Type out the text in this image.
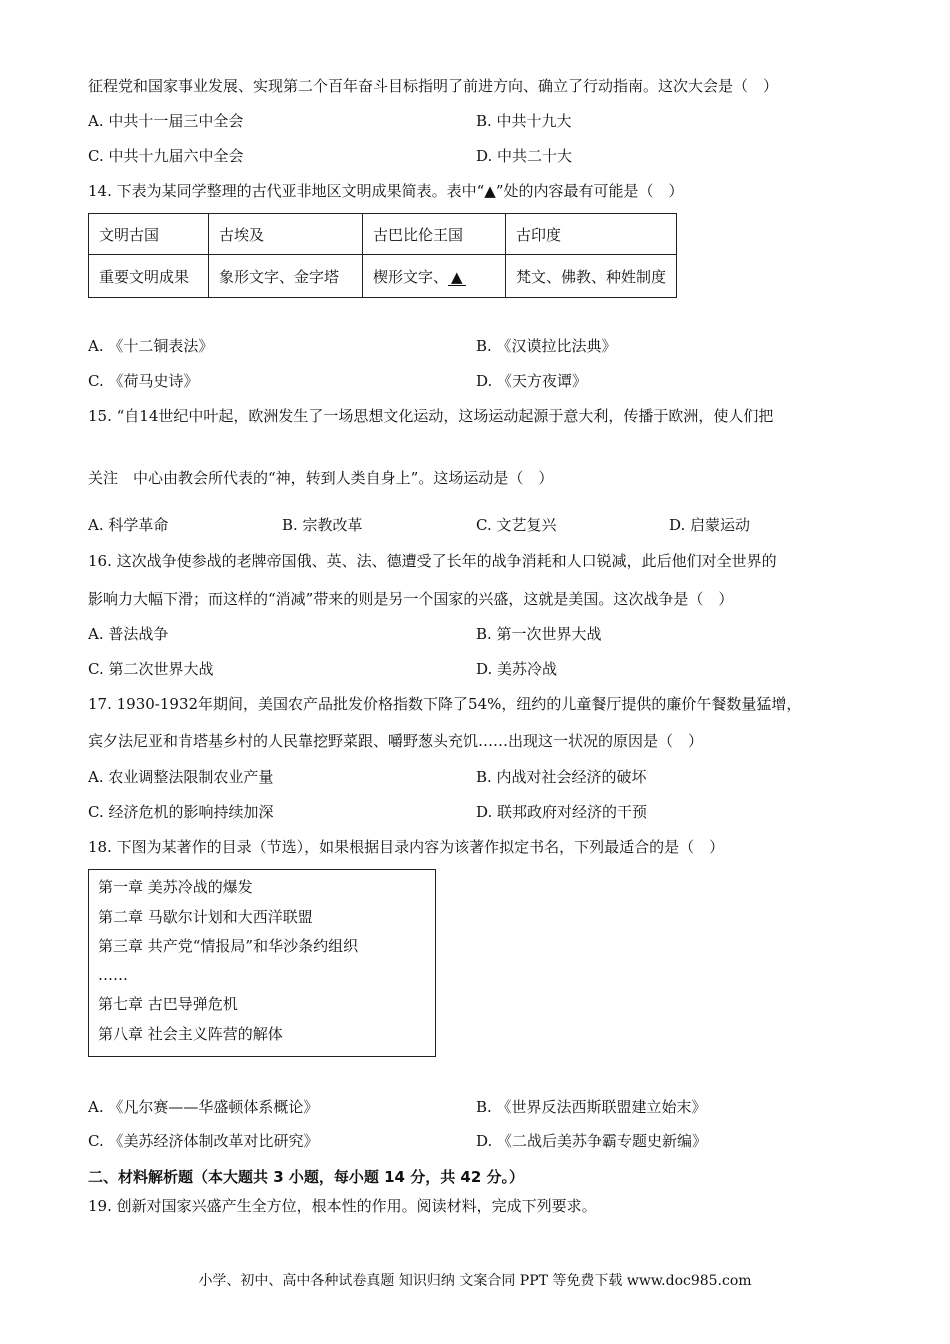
征程党和国家事业发展、实现第二个百年奋斗目标指明了前进方向、确立了行动指南。这次大会是（　）
A. 中共十一届三中全会	B. 中共十九大
C. 中共十九届六中全会	D. 中共二十大
14. 下表为某同学整理的古代亚非地区文明成果简表。表中“▲”处的内容最有可能是（　）
文明古国	古埃及	古巴比伦王国	古印度
重要文明成果	象形文字、金字塔	楔形文字、 ▲	梵文、佛教、种姓制度
A. 《十二铜表法》	B. 《汉谟拉比法典》
C. 《荷马史诗》	D. 《天方夜谭》
15. “自14世纪中叶起，欧洲发生了一场思想文化运动，这场运动起源于意大利，传播于欧洲，使人们把
关注　中心由教会所代表的“神，转到人类自身上”。这场运动是（　）
A. 科学革命	B. 宗教改革	C. 文艺复兴	D. 启蒙运动
16. 这次战争使参战的老牌帝国俄、英、法、德遭受了长年的战争消耗和人口锐减，此后他们对全世界的
影响力大幅下滑；而这样的“消减”带来的则是另一个国家的兴盛，这就是美国。这次战争是（　）
A. 普法战争	B. 第一次世界大战
C. 第二次世界大战	D. 美苏冷战
17. 1930-1932年期间，美国农产品批发价格指数下降了54%，纽约的儿童餐厅提供的廉价午餐数量猛增，
宾夕法尼亚和肯塔基乡村的人民靠挖野菜跟、嚼野葱头充饥……出现这一状况的原因是（　）
A. 农业调整法限制农业产量	B. 内战对社会经济的破坏
C. 经济危机的影响持续加深	D. 联邦政府对经济的干预
18. 下图为某著作的目录（节选），如果根据目录内容为该著作拟定书名，下列最适合的是（　）
第一章 美苏冷战的爆发
第二章 马歇尔计划和大西洋联盟
第三章 共产党“情报局”和华沙条约组织
……
第七章 古巴导弹危机
第八章 社会主义阵营的解体
A. 《凡尔赛——华盛顿体系概论》	B. 《世界反法西斯联盟建立始末》
C. 《美苏经济体制改革对比研究》	D. 《二战后美苏争霸专题史新编》
二、材料解析题（本大题共 3 小题，每小题 14 分，共 42 分。）
19. 创新对国家兴盛产生全方位，根本性的作用。阅读材料，完成下列要求。
小学、初中、高中各种试卷真题 知识归纳 文案合同 PPT 等免费下载 www.doc985.com
